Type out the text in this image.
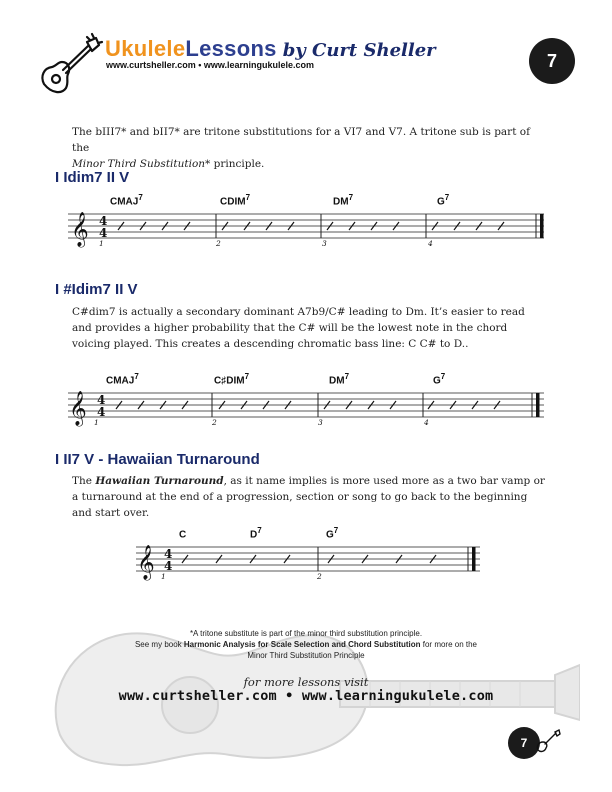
UkuleleLessons by Curt Sheller
www.curtsheller.com • www.learningukulele.com	7
The bIII7* and bII7* are tritone substitutions for a VI7 and V7. A tritone sub is part of the
Minor Third Substitution* principle.
I Idim7 II V
CMAJ$^7$	CDIM$^7$	$DM^7$	$G^7$
𝄞 4
4
1	2	3	4
I #Idim7 II V
C#dim7 is actually a secondary dominant A7b9/C# leading to Dm. It’s easier to read and provides a higher probability that the C# will be the lowest note in the chord voicing played. This creates a descending chromatic bass line: C C# to D..
CMAJ$^7$	C♯DIM$^7$	$DM^7$	$G^7$
𝄞 4
4
1	2	3	4
I II7 V - Hawaiian Turnaround
The Hawaiian Turnaround, as it name implies is more used more as a two bar vamp or a turnaround at the end of a progression, section or song to go back to the beginning and start over.
C	$D^7$	$G^7$
𝄞 4
4
1	2
*A tritone substitute is part of the minor third substitution principle.
See my book Harmonic Analysis for Scale Selection and Chord Substitution for more on the
Minor Third Substitution Principle
for more lessons visit
www.curtsheller.com • www.learningukulele.com
7
